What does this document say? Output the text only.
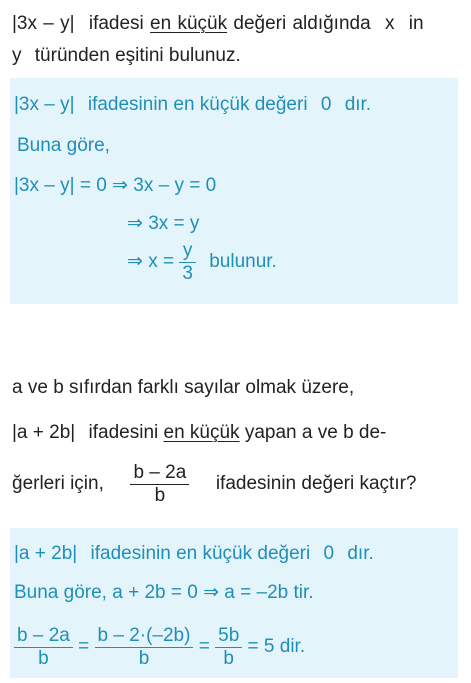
|3x – y| ifadesi en küçük değeri aldığında x in
y türünden eşitini bulunuz.
|3x – y| ifadesinin en küçük değeri 0 dır.
Buna göre,
|3x – y| = 0 ⇒ 3x – y = 0
⇒ 3x = y
⇒ $x = \frac{y}{3}$ bulunur.
a ve b sıfırdan farklı sayılar olmak üzere,
|a + 2b| ifadesini en küçük yapan a ve b de-
ğerleri için, $\frac{b - 2a}{b}$ ifadesinin değeri kaçtır?
|a + 2b| ifadesinin en küçük değeri 0 dır.
Buna göre, a + 2b = 0 ⇒ a = –2b tir.
$\frac{b - 2a}{b} = \frac{b - 2\cdot(-2b)}{b} = \frac{5b}{b} = 5$ dir.
